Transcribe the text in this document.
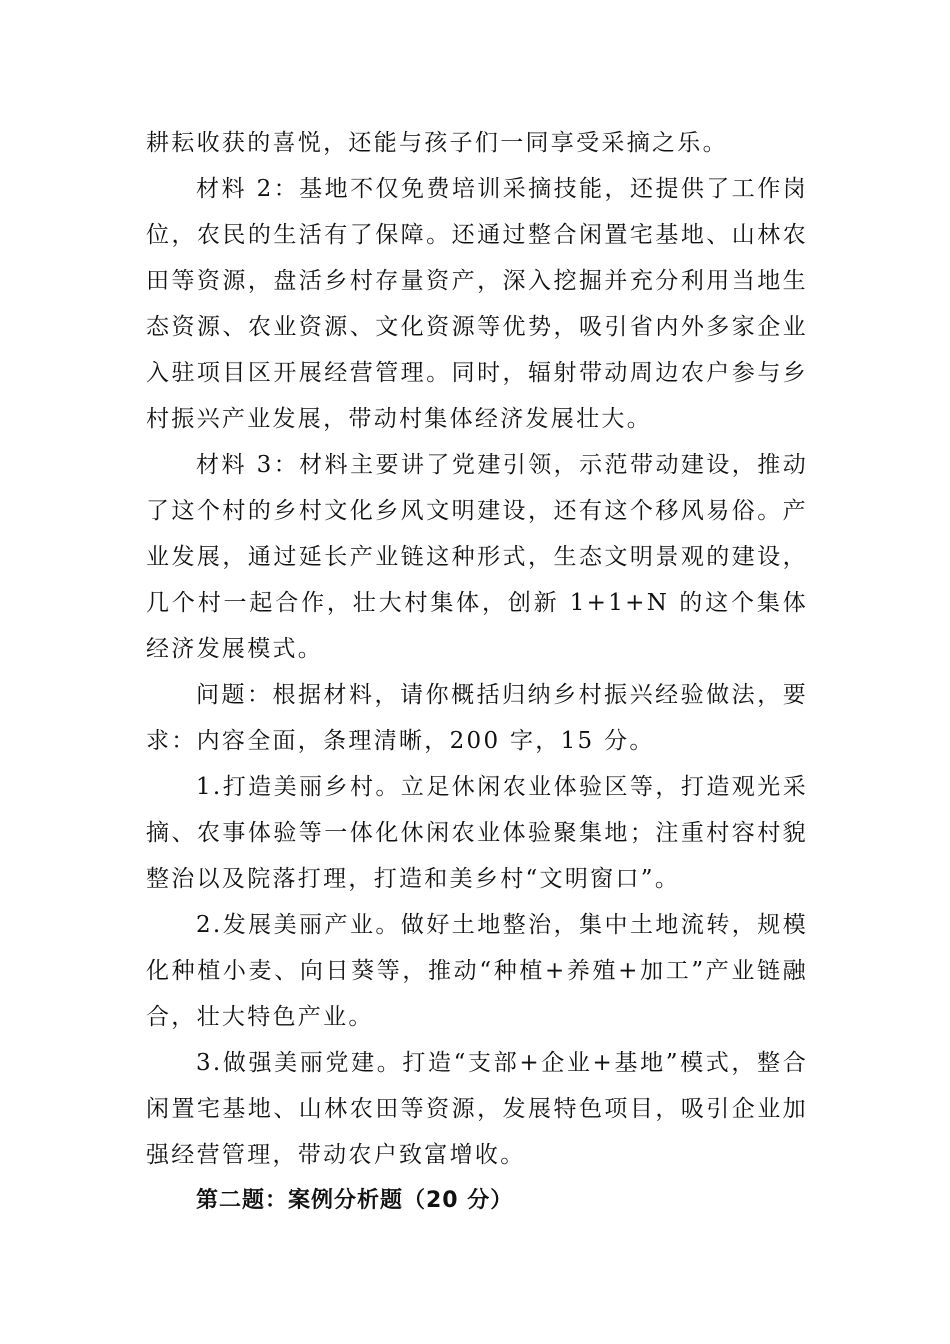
耕耘收获的喜悦，还能与孩子们一同享受采摘之乐。

材料 2：基地不仅免费培训采摘技能，还提供了工作岗位，农民的生活有了保障。还通过整合闲置宅基地、山林农田等资源，盘活乡村存量资产，深入挖掘并充分利用当地生态资源、农业资源、文化资源等优势，吸引省内外多家企业入驻项目区开展经营管理。同时，辐射带动周边农户参与乡村振兴产业发展，带动村集体经济发展壮大。

材料 3：材料主要讲了党建引领，示范带动建设，推动了这个村的乡村文化乡风文明建设，还有这个移风易俗。产业发展，通过延长产业链这种形式，生态文明景观的建设，几个村一起合作，壮大村集体，创新 1+1+N 的这个集体经济发展模式。

问题：根据材料，请你概括归纳乡村振兴经验做法，要求：内容全面，条理清晰，200 字，15 分。

1.打造美丽乡村。立足休闲农业体验区等，打造观光采摘、农事体验等一体化休闲农业体验聚集地；注重村容村貌整治以及院落打理，打造和美乡村“文明窗口”。

2.发展美丽产业。做好土地整治，集中土地流转，规模化种植小麦、向日葵等，推动“种植+养殖+加工”产业链融合，壮大特色产业。

3.做强美丽党建。打造“支部+企业+基地”模式，整合闲置宅基地、山林农田等资源，发展特色项目，吸引企业加强经营管理，带动农户致富增收。

第二题：案例分析题（20 分）
